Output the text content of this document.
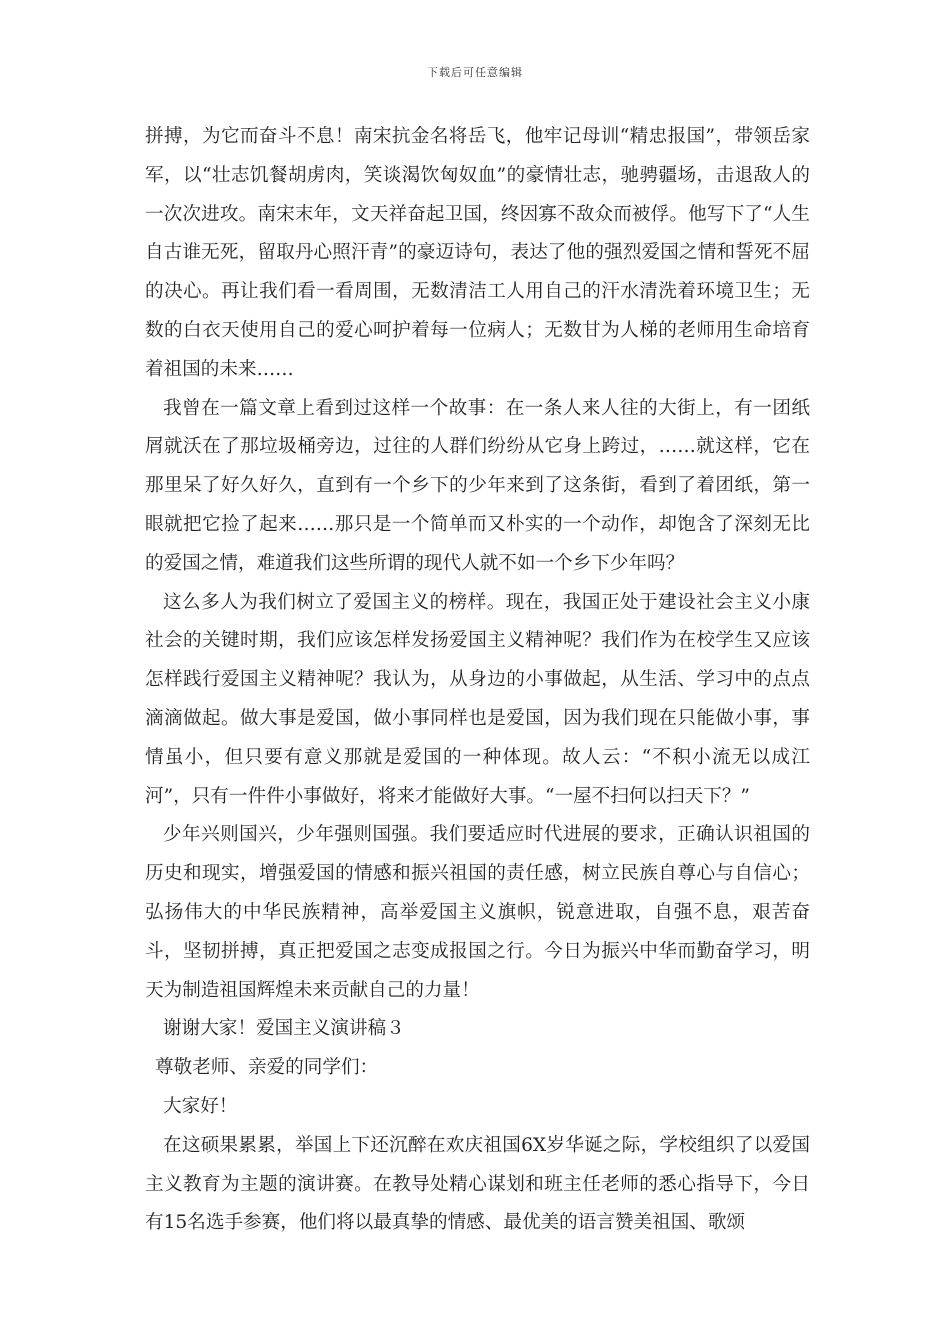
下载后可任意编辑

拼搏，为它而奋斗不息！南宋抗金名将岳飞，他牢记母训“精忠报国”，带领岳家军，以“壮志饥餐胡虏肉，笑谈渴饮匈奴血”的豪情壮志，驰骋疆场，击退敌人的一次次进攻。南宋末年，文天祥奋起卫国，终因寡不敌众而被俘。他写下了“人生自古谁无死，留取丹心照汗青”的豪迈诗句，表达了他的强烈爱国之情和誓死不屈的决心。再让我们看一看周围，无数清洁工人用自己的汗水清洗着环境卫生；无数的白衣天使用自己的爱心呵护着每一位病人；无数甘为人梯的老师用生命培育着祖国的未来……

我曾在一篇文章上看到过这样一个故事：在一条人来人往的大街上，有一团纸屑就沃在了那垃圾桶旁边，过往的人群们纷纷从它身上跨过，……就这样，它在那里呆了好久好久，直到有一个乡下的少年来到了这条街，看到了着团纸，第一眼就把它捡了起来……那只是一个简单而又朴实的一个动作，却饱含了深刻无比的爱国之情，难道我们这些所谓的现代人就不如一个乡下少年吗？

这么多人为我们树立了爱国主义的榜样。现在，我国正处于建设社会主义小康社会的关键时期，我们应该怎样发扬爱国主义精神呢？我们作为在校学生又应该怎样践行爱国主义精神呢？我认为，从身边的小事做起，从生活、学习中的点点滴滴做起。做大事是爱国，做小事同样也是爱国，因为我们现在只能做小事，事情虽小，但只要有意义那就是爱国的一种体现。故人云：“不积小流无以成江河”，只有一件件小事做好，将来才能做好大事。“一屋不扫何以扫天下？”

少年兴则国兴，少年强则国强。我们要适应时代进展的要求，正确认识祖国的历史和现实，增强爱国的情感和振兴祖国的责任感，树立民族自尊心与自信心；弘扬伟大的中华民族精神，高举爱国主义旗帜，锐意进取，自强不息，艰苦奋斗，坚韧拼搏，真正把爱国之志变成报国之行。今日为振兴中华而勤奋学习，明天为制造祖国辉煌未来贡献自己的力量！

谢谢大家！爱国主义演讲稿３

尊敬老师、亲爱的同学们：

大家好！

在这硕果累累，举国上下还沉醉在欢庆祖国6X岁华诞之际，学校组织了以爱国主义教育为主题的演讲赛。在教导处精心谋划和班主任老师的悉心指导下，今日有15名选手参赛，他们将以最真挚的情感、最优美的语言赞美祖国、歌颂
